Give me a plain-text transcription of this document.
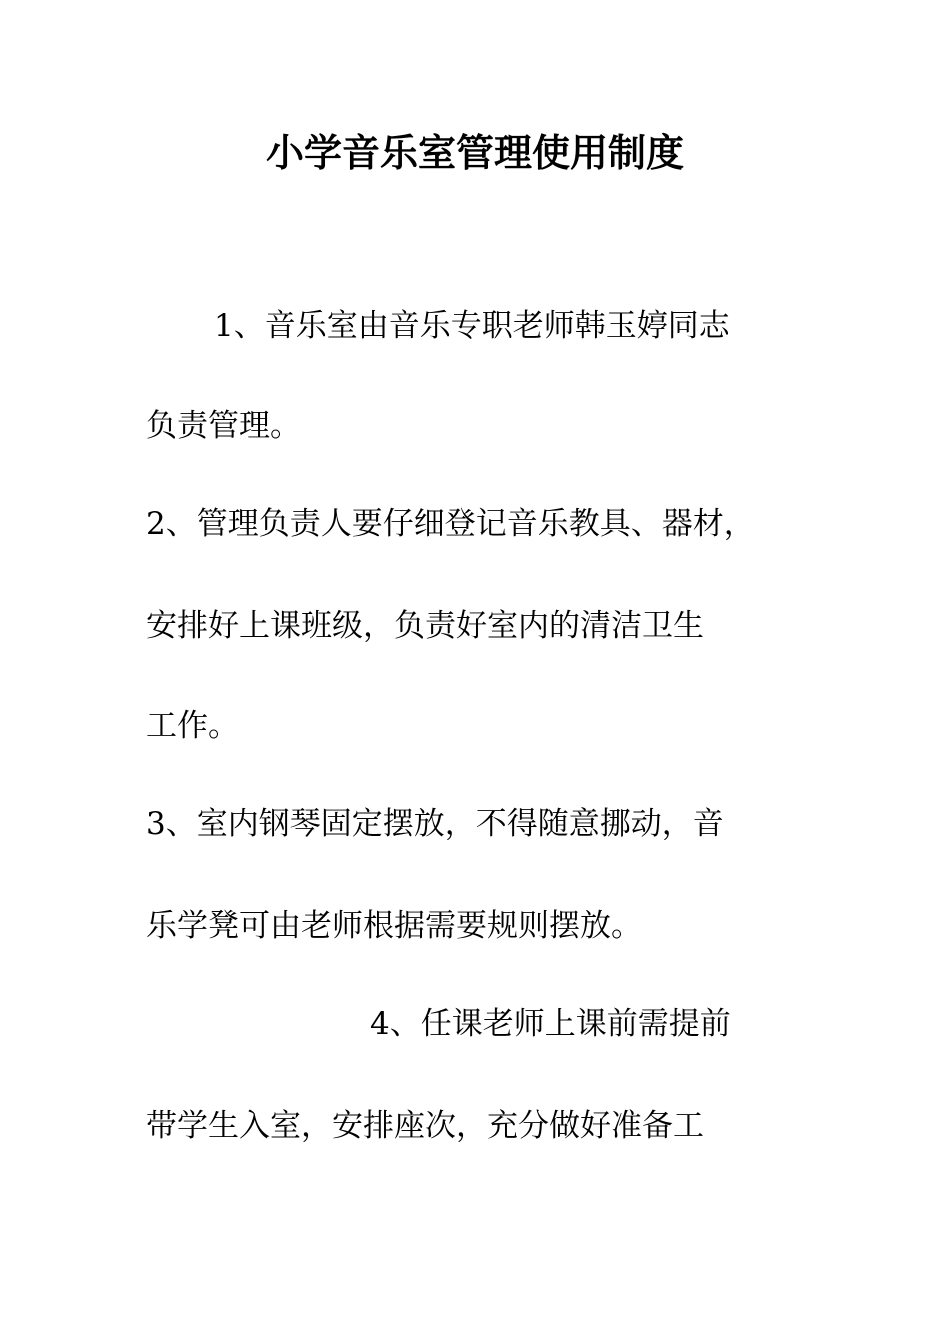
小学音乐室管理使用制度
1、音乐室由音乐专职老师韩玉婷同志
负责管理。
2、管理负责人要仔细登记音乐教具、器材，
安排好上课班级，负责好室内的清洁卫生
工作。
3、室内钢琴固定摆放，不得随意挪动，音
乐学凳可由老师根据需要规则摆放。
4、任课老师上课前需提前
带学生入室，安排座次，充分做好准备工
